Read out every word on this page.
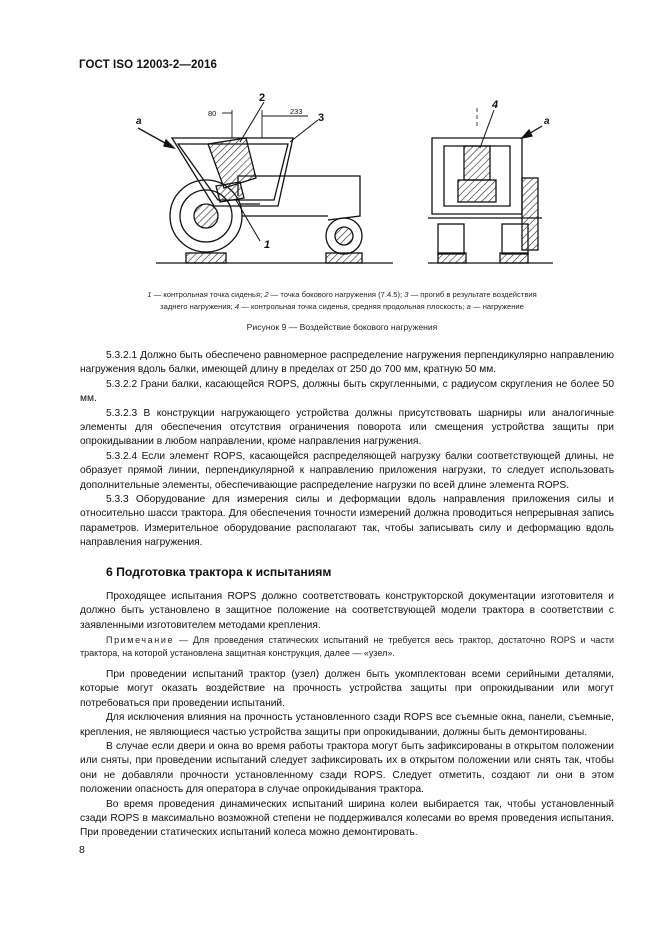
ГОСТ ISO 12003-2—2016
a
2
3
1
4
a
80	233
1 — контрольная точка сиденья; 2 — точка бокового нагружения (7.4.5); 3 — прогиб в результате воздействия
заднего нагружения; 4 — контрольная точка сиденья, средняя продольная плоскость; a — нагружение
Рисунок 9 — Воздействие бокового нагружения

5.3.2.1 Должно быть обеспечено равномерное распределение нагружения перпендикулярно направлению нагружения вдоль балки, имеющей длину в пределах от 250 до 700 мм, кратную 50 мм.

5.3.2.2 Грани балки, касающейся ROPS, должны быть скругленными, с радиусом скругления не более 50 мм.

5.3.2.3 В конструкции нагружающего устройства должны присутствовать шарниры или аналогичные элементы для обеспечения отсутствия ограничения поворота или смещения устройства защиты при опрокидывании в любом направлении, кроме направления нагружения.

5.3.2.4 Если элемент ROPS, касающейся распределяющей нагрузку балки соответствующей длины, не образует прямой линии, перпендикулярной к направлению приложения нагрузки, то следует использовать дополнительные элементы, обеспечивающие распределение нагрузки по всей длине элемента ROPS.

5.3.3 Оборудование для измерения силы и деформации вдоль направления приложения силы и относительно шасси трактора. Для обеспечения точности измерений должна проводиться непрерывная запись параметров. Измерительное оборудование располагают так, чтобы записывать силу и деформацию вдоль направления нагружения.

6 Подготовка трактора к испытаниям

Проходящее испытания ROPS должно соответствовать конструкторской документации изготовителя и должно быть установлено в защитное положение на соответствующей модели трактора в соответствии с заявленными изготовителем методами крепления.

Примечание — Для проведения статических испытаний не требуется весь трактор, достаточно ROPS и части трактора, на которой установлена защитная конструкция, далее — «узел».

При проведении испытаний трактор (узел) должен быть укомплектован всеми серийными деталями, которые могут оказать воздействие на прочность устройства защиты при опрокидывании или могут потребоваться при проведении испытаний.

Для исключения влияния на прочность установленного сзади ROPS все съемные окна, панели, съемные, крепления, не являющиеся частью устройства защиты при опрокидывании, должны быть демонтированы.

В случае если двери и окна во время работы трактора могут быть зафиксированы в открытом положении или сняты, при проведении испытаний следует зафиксировать их в открытом положении или снять так, чтобы они не добавляли прочности установленному сзади ROPS. Следует отметить, создают ли они в этом положении опасность для оператора в случае опрокидывания трактора.

Во время проведения динамических испытаний ширина колеи выбирается так, чтобы установленный сзади ROPS в максимально возможной степени не поддерживался колесами во время проведения испытания. При проведении статических испытаний колеса можно демонтировать.

8
